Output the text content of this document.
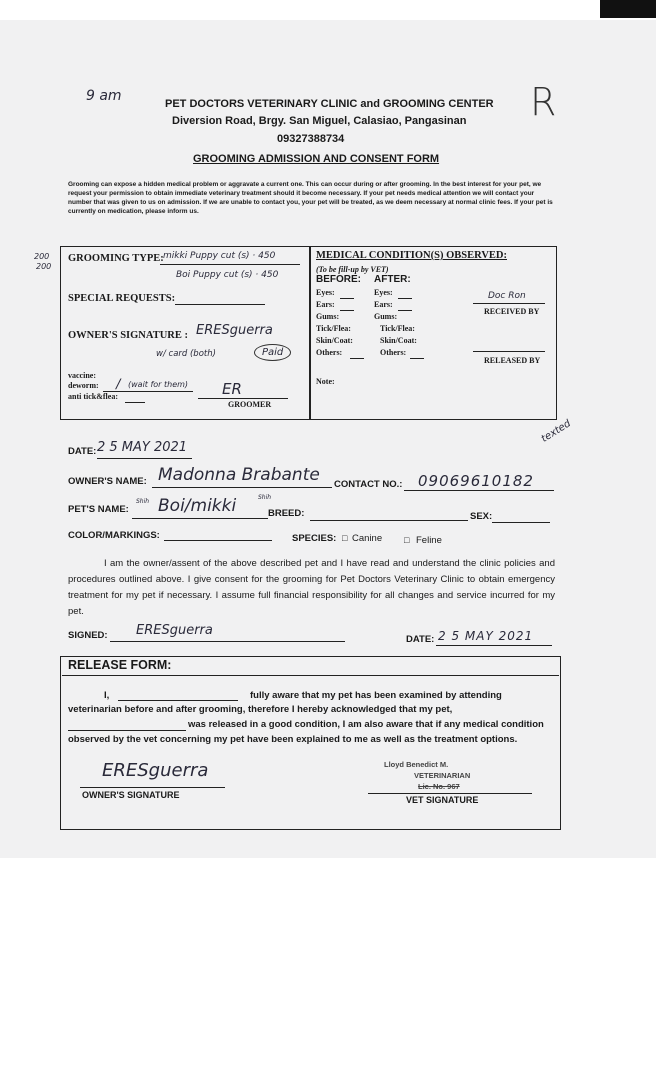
9 am	R
PET DOCTORS VETERINARY CLINIC and GROOMING CENTER
Diversion Road, Brgy. San Miguel, Calasiao, Pangasinan
09327388734
GROOMING ADMISSION AND CONSENT FORM
Grooming can expose a hidden medical problem or aggravate a current one. This can occur during or after grooming. In the best interest for your pet, we request your permission to obtain immediate veterinary treatment should it become necessary. If your pet needs medical attention we will contact your number that was given to us on admission. If we are unable to contact you, your pet will be treated, as we deem necessary at normal clinic fees. If your pet is currently on medication, please inform us.
200
200
GROOMING TYPE: mikki Puppy cut (s) · 450
Boi Puppy cut (s) · 450
SPECIAL REQUESTS:
OWNER'S SIGNATURE : ERESguerra
w/ card (both)	Paid
vaccine:
deworm: ∕ (wait for them)
anti tick&flea:	ER
GROOMER
MEDICAL CONDITION(S) OBSERVED:
(To be fill-up by VET)
BEFORE: AFTER:
Eyes:	Eyes:
Ears:	Ears:
Gums:	Gums:
Tick/Flea:	Tick/Flea:
Skin/Coat:	Skin/Coat:
Others:	Others:
Doc Ron
RECEIVED BY
RELEASED BY
Note:
texted
DATE: 2 5 MAY 2021
OWNER'S NAME: Madonna Brabante CONTACT NO.: 09069610182
PET'S NAME:
Shih
Shih
Boi/mikki	BREED:	SEX:
COLOR/MARKINGS:	SPECIES: □ Canine □ Feline
I am the owner/assent of the above described pet and I have read and understand the clinic policies and procedures outlined above. I give consent for the grooming for Pet Doctors Veterinary Clinic to obtain emergency treatment for my pet if necessary. I assume full financial responsibility for all changes and service incurred for my pet.
SIGNED: ERESguerra
DATE: 2 5 MAY 2021
RELEASE FORM:
I,	fully aware that my pet has been examined by attending
veterinarian before and after grooming, therefore I hereby acknowledged that my pet,
was released in a good condition, I am also aware that if any medical condition
observed by the vet concerning my pet have been explained to me as well as the treatment options.
ERESguerra
OWNER'S SIGNATURE
Lloyd Benedict M.
VETERINARIAN
Lic. No. 967
VET SIGNATURE
